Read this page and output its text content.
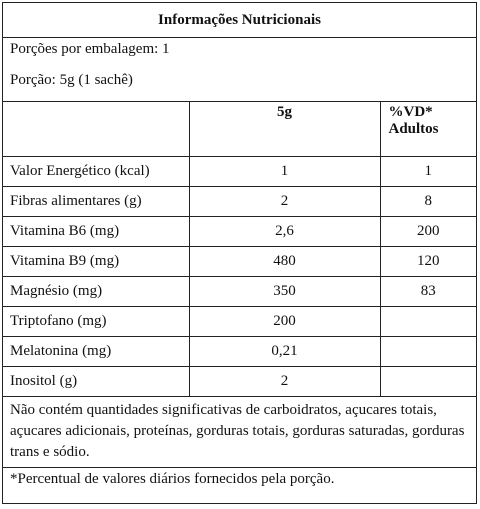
Informações Nutricionais
Porções por embalagem: 1
Porção: 5g (1 sachê)
	5g	%VD*
Adultos

Valor Energético (kcal)	1	1
Fibras alimentares (g)	2	8
Vitamina B6 (mg)	2,6	200
Vitamina B9 (mg)	480	120
Magnésio (mg)	350	83
Triptofano (mg)	200	
Melatonina (mg)	0,21	
Inositol (g)	2	
Não contém quantidades significativas de carboidratos, açucares totais, açucares adicionais, proteínas, gorduras totais, gorduras saturadas, gorduras trans e sódio.
*Percentual de valores diários fornecidos pela porção.
